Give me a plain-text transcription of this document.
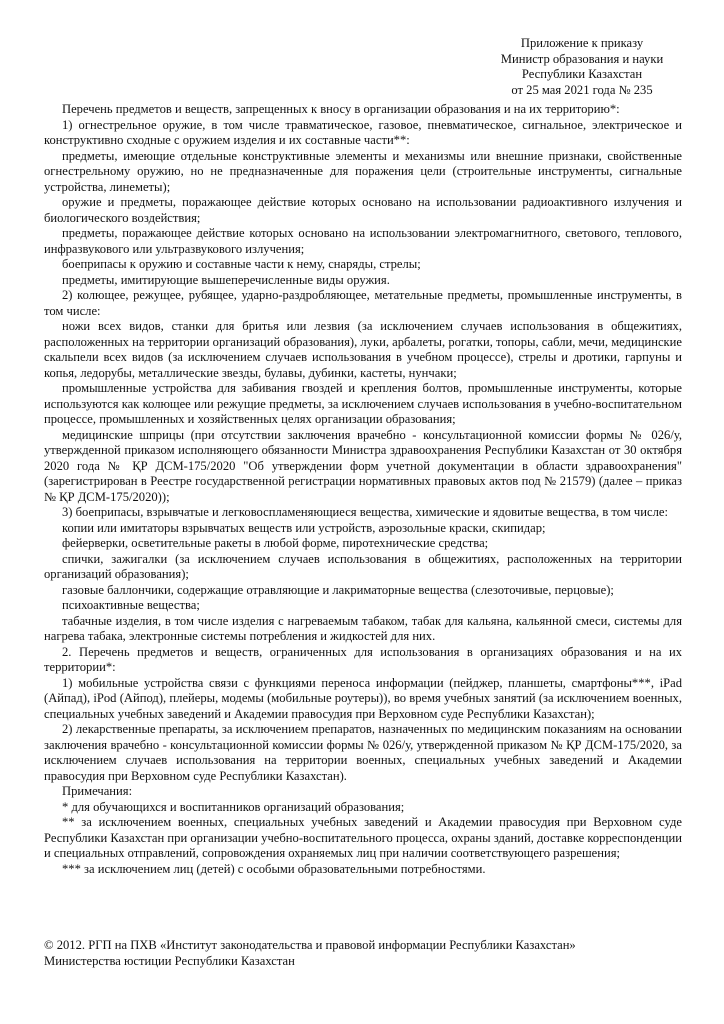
Приложение к приказу
Министр образования и науки
Республики Казахстан
от 25 мая 2021 года № 235

Перечень предметов и веществ, запрещенных к вносу в организации образования и на их территорию*:

1) огнестрельное оружие, в том числе травматическое, газовое, пневматическое, сигнальное, электрическое и конструктивно сходные с оружием изделия и их составные части**:

предметы, имеющие отдельные конструктивные элементы и механизмы или внешние признаки, свойственные огнестрельному оружию, но не предназначенные для поражения цели (строительные инструменты, сигнальные устройства, линеметы);

оружие и предметы, поражающее действие которых основано на использовании радиоактивного излучения и биологического воздействия;

предметы, поражающее действие которых основано на использовании электромагнитного, светового, теплового, инфразвукового или ультразвукового излучения;

боеприпасы к оружию и составные части к нему, снаряды, стрелы;

предметы, имитирующие вышеперечисленные виды оружия.

2) колющее, режущее, рубящее, ударно-раздробляющее, метательные предметы, промышленные инструменты, в том числе:

ножи всех видов, станки для бритья или лезвия (за исключением случаев использования в общежитиях, расположенных на территории организаций образования), луки, арбалеты, рогатки, топоры, сабли, мечи, медицинские скальпели всех видов (за исключением случаев использования в учебном процессе), стрелы и дротики, гарпуны и копья, ледорубы, металлические звезды, булавы, дубинки, кастеты, нунчаки;

промышленные устройства для забивания гвоздей и крепления болтов, промышленные инструменты, которые используются как колющее или режущие предметы, за исключением случаев использования в учебно-воспитательном процессе, промышленных и хозяйственных целях организации образования;

медицинские шприцы (при отсутствии заключения врачебно - консультационной комиссии формы № 026/у, утвержденной приказом исполняющего обязанности Министра здравоохранения Республики Казахстан от 30 октября 2020 года № ҚР ДСМ-175/2020 "Об утверждении форм учетной документации в области здравоохранения" (зарегистрирован в Реестре государственной регистрации нормативных правовых актов под № 21579) (далее – приказ № ҚР ДСМ-175/2020));

3) боеприпасы, взрывчатые и легковоспламеняющиеся вещества, химические и ядовитые вещества, в том числе:

копии или имитаторы взрывчатых веществ или устройств, аэрозольные краски, скипидар;

фейерверки, осветительные ракеты в любой форме, пиротехнические средства;

спички, зажигалки (за исключением случаев использования в общежитиях, расположенных на территории организаций образования);

газовые баллончики, содержащие отравляющие и лакриматорные вещества (слезоточивые, перцовые);

психоактивные вещества;

табачные изделия, в том числе изделия с нагреваемым табаком, табак для кальяна, кальянной смеси, системы для нагрева табака, электронные системы потребления и жидкостей для них.

2. Перечень предметов и веществ, ограниченных для использования в организациях образования и на их территории*:

1) мобильные устройства связи с функциями переноса информации (пейджер, планшеты, смартфоны***, iPad (Айпад), iPod (Айпод), плейеры, модемы (мобильные роутеры)), во время учебных занятий (за исключением военных, специальных учебных заведений и Академии правосудия при Верховном суде Республики Казахстан);

2) лекарственные препараты, за исключением препаратов, назначенных по медицинским показаниям на основании заключения врачебно - консультационной комиссии формы № 026/у, утвержденной приказом № ҚР ДСМ-175/2020, за исключением случаев использования на территории военных, специальных учебных заведений и Академии правосудия при Верховном суде Республики Казахстан).

Примечания:

* для обучающихся и воспитанников организаций образования;

** за исключением военных, специальных учебных заведений и Академии правосудия при Верховном суде Республики Казахстан при организации учебно-воспитательного процесса, охраны зданий, доставке корреспонденции и специальных отправлений, сопровождения охраняемых лиц при наличии соответствующего разрешения;

*** за исключением лиц (детей) с особыми образовательными потребностями.

© 2012. РГП на ПХВ «Институт законодательства и правовой информации Республики Казахстан»
Министерства юстиции Республики Казахстан
